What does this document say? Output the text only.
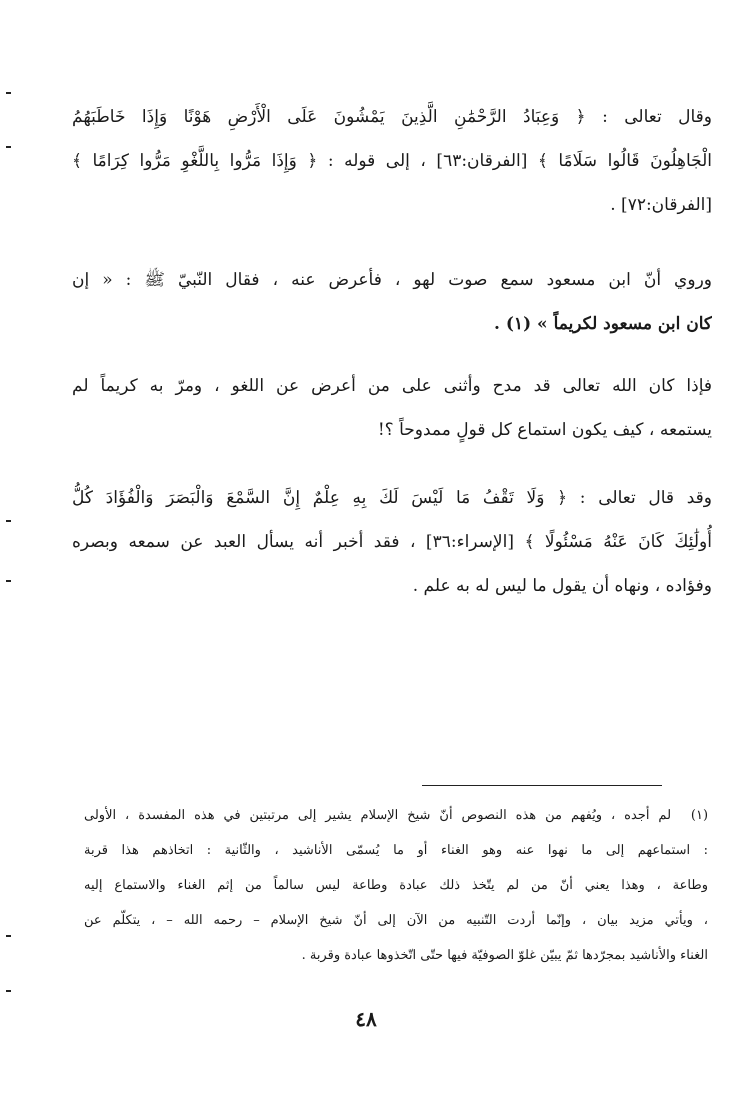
وقال تعالى : ﴿ وَعِبَادُ الرَّحْمَٰنِ الَّذِينَ يَمْشُونَ عَلَى الْأَرْضِ هَوْنًا وَإِذَا خَاطَبَهُمُ
الْجَاهِلُونَ قَالُوا سَلَامًا ﴾ [الفرقان:٦٣] ، إلى قوله : ﴿ وَإِذَا مَرُّوا بِاللَّغْوِ مَرُّوا كِرَامًا ﴾
[الفرقان:٧٢] .
وروي أنّ ابن مسعود سمع صوت لهو ، فأعرض عنه ، فقال النّبيّ ﷺ : « إن
كان ابن مسعود لكريماً » (١) .
فإذا كان الله تعالى قد مدح وأثنى على من أعرض عن اللغو ، ومرّ به كريماً لم
يستمعه ، كيف يكون استماع كل قولٍ ممدوحاً ؟!
وقد قال تعالى : ﴿ وَلَا تَقْفُ مَا لَيْسَ لَكَ بِهِ عِلْمٌ إِنَّ السَّمْعَ وَالْبَصَرَ وَالْفُؤَادَ كُلُّ
أُولَٰئِكَ كَانَ عَنْهُ مَسْئُولًا ﴾ [الإسراء:٣٦] ، فقد أخبر أنه يسأل العبد عن سمعه وبصره
وفؤاده ، ونهاه أن يقول ما ليس له به علم .
(١) لم أجده ، ويُفهم من هذه النصوص أنّ شيخ الإسلام يشير إلى مرتبتين في هذه المفسدة ، الأولى
: استماعهم إلى ما نهوا عنه وهو الغناء أو ما يُسمّى الأناشيد ، والثّانية : اتخاذهم هذا قربة
وطاعة ، وهذا يعني أنّ من لم يتّخذ ذلك عبادة وطاعة ليس سالماً من إثم الغناء والاستماع إليه
، ويأتي مزيد بيان ، وإنّما أردت التّنبيه من الآن إلى أنّ شيخ الإسلام – رحمه الله – ، يتكلّم عن
الغناء والأناشيد بمجرّدها ثمّ يبيّن غلوّ الصوفيّة فيها حتّى اتّخذوها عبادة وقربة .
٤٨
